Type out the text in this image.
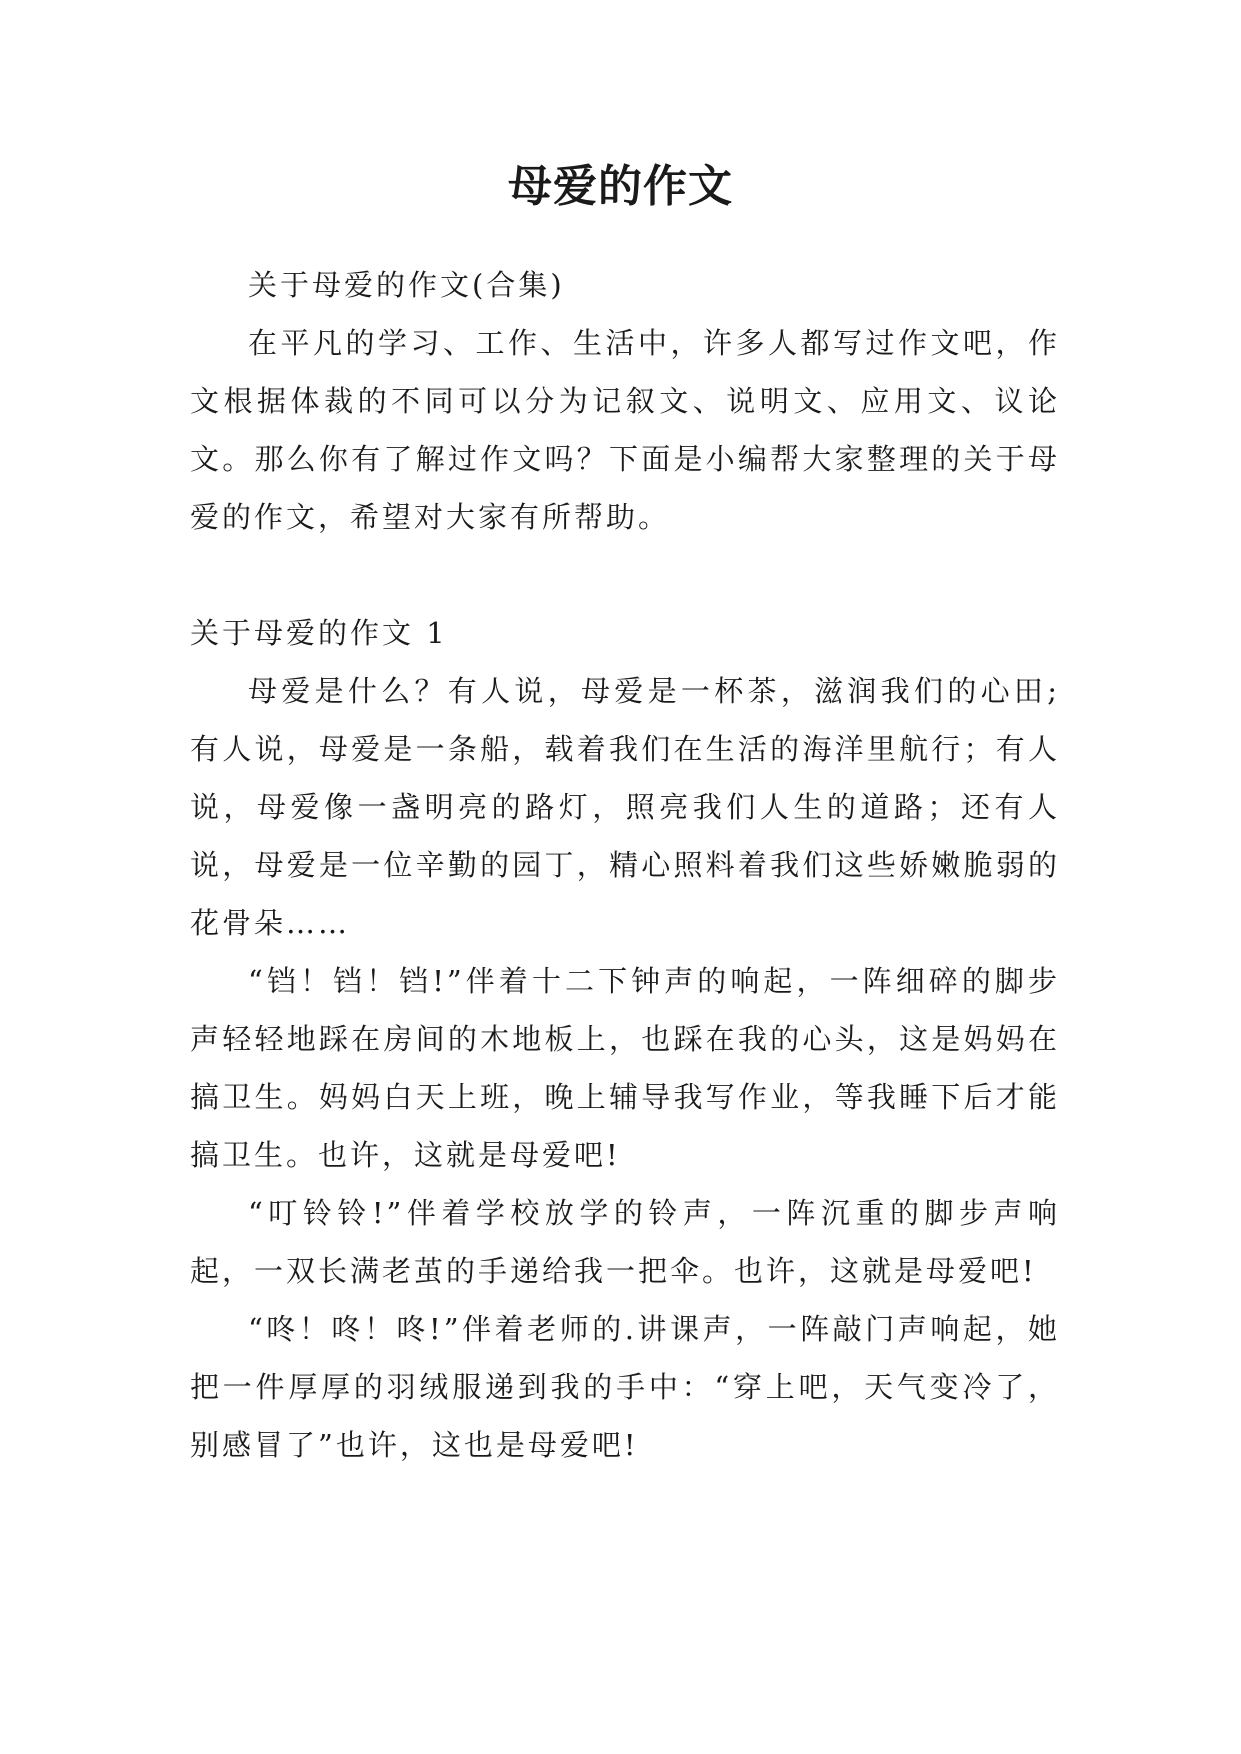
母爱的作文

关于母爱的作文(合集)

在平凡的学习、工作、生活中，许多人都写过作文吧，作文根据体裁的不同可以分为记叙文、说明文、应用文、议论文。那么你有了解过作文吗？下面是小编帮大家整理的关于母爱的作文，希望对大家有所帮助。

关于母爱的作文 1

母爱是什么？有人说，母爱是一杯茶，滋润我们的心田;有人说，母爱是一条船，载着我们在生活的海洋里航行；有人说，母爱像一盏明亮的路灯，照亮我们人生的道路；还有人说，母爱是一位辛勤的园丁，精心照料着我们这些娇嫩脆弱的花骨朵……

“铛！铛！铛!”伴着十二下钟声的响起，一阵细碎的脚步声轻轻地踩在房间的木地板上，也踩在我的心头，这是妈妈在搞卫生。妈妈白天上班，晚上辅导我写作业，等我睡下后才能搞卫生。也许，这就是母爱吧!

“叮铃铃!”伴着学校放学的铃声，一阵沉重的脚步声响起，一双长满老茧的手递给我一把伞。也许，这就是母爱吧!

“咚！咚！咚!”伴着老师的.讲课声，一阵敲门声响起，她把一件厚厚的羽绒服递到我的手中：“穿上吧，天气变冷了，别感冒了”也许，这也是母爱吧!
